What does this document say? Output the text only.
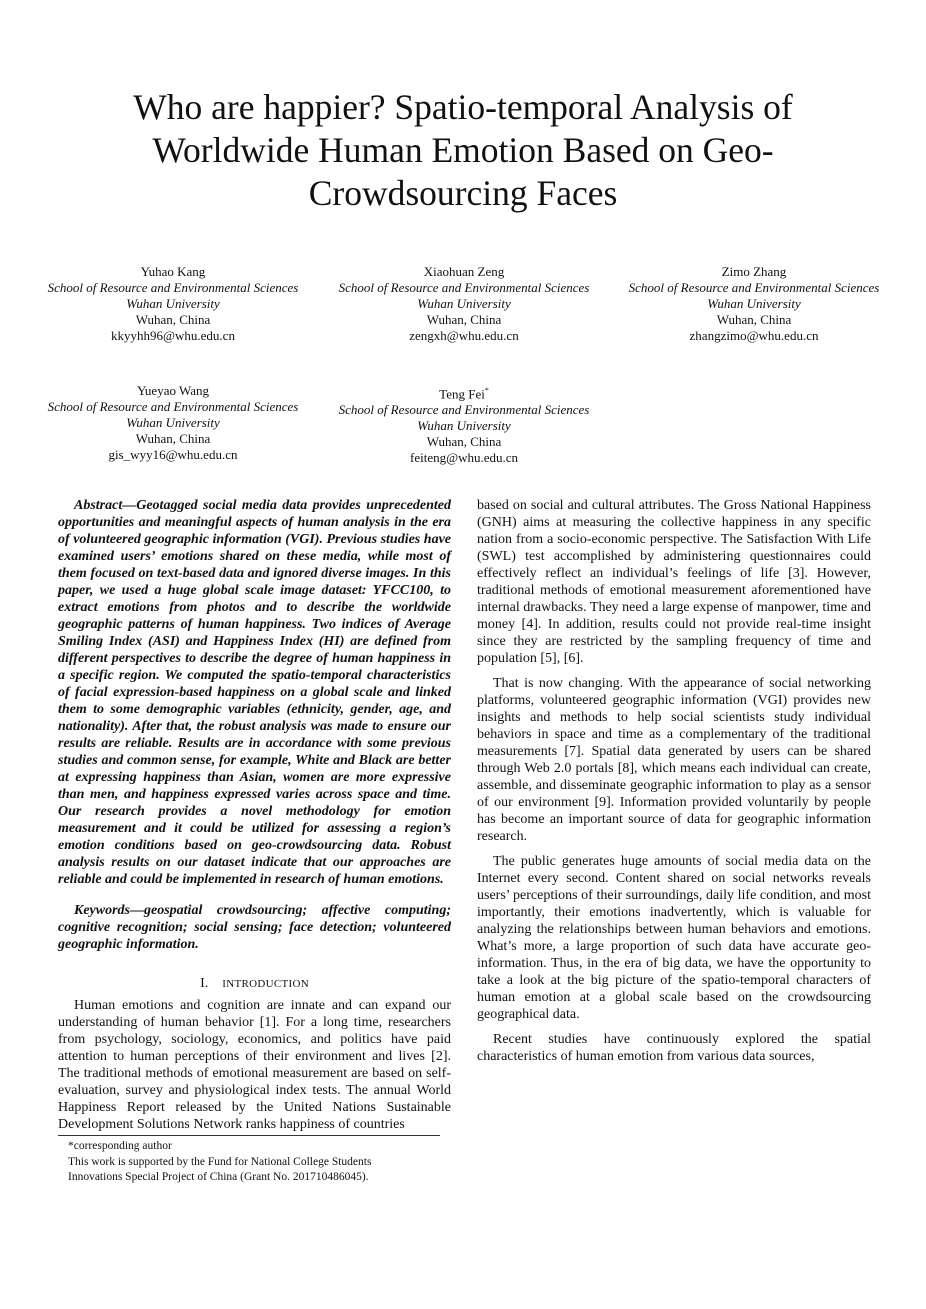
Who are happier? Spatio-temporal Analysis of Worldwide Human Emotion Based on Geo-Crowdsourcing Faces
Yuhao Kang
School of Resource and Environmental Sciences
Wuhan University
Wuhan, China
kkyyhh96@whu.edu.cn
Xiaohuan Zeng
School of Resource and Environmental Sciences
Wuhan University
Wuhan, China
zengxh@whu.edu.cn
Zimo Zhang
School of Resource and Environmental Sciences
Wuhan University
Wuhan, China
zhangzimo@whu.edu.cn
Yueyao Wang
School of Resource and Environmental Sciences
Wuhan University
Wuhan, China
gis_wyy16@whu.edu.cn
Teng Fei*
School of Resource and Environmental Sciences
Wuhan University
Wuhan, China
feiteng@whu.edu.cn

Abstract—Geotagged social media data provides unprecedented opportunities and meaningful aspects of human analysis in the era of volunteered geographic information (VGI). Previous studies have examined users’ emotions shared on these media, while most of them focused on text-based data and ignored diverse images. In this paper, we used a huge global scale image dataset: YFCC100, to extract emotions from photos and to describe the worldwide geographic patterns of human happiness. Two indices of Average Smiling Index (ASI) and Happiness Index (HI) are defined from different perspectives to describe the degree of human happiness in a specific region. We computed the spatio-temporal characteristics of facial expression-based happiness on a global scale and linked them to some demographic variables (ethnicity, gender, age, and nationality). After that, the robust analysis was made to ensure our results are reliable. Results are in accordance with some previous studies and common sense, for example, White and Black are better at expressing happiness than Asian, women are more expressive than men, and happiness expressed varies across space and time. Our research provides a novel methodology for emotion measurement and it could be utilized for assessing a region’s emotion conditions based on geo-crowdsourcing data. Robust analysis results on our dataset indicate that our approaches are reliable and could be implemented in research of human emotions.

Keywords—geospatial crowdsourcing; affective computing; cognitive recognition; social sensing; face detection; volunteered geographic information.

I. INTRODUCTION

Human emotions and cognition are innate and can expand our understanding of human behavior [1]. For a long time, researchers from psychology, sociology, economics, and politics have paid attention to human perceptions of their environment and lives [2]. The traditional methods of emotional measurement are based on self-evaluation, survey and physiological index tests. The annual World Happiness Report released by the United Nations Sustainable Development Solutions Network ranks happiness of countries

*corresponding author
This work is supported by the Fund for National College Students
Innovations Special Project of China (Grant No. 201710486045).

based on social and cultural attributes. The Gross National Happiness (GNH) aims at measuring the collective happiness in any specific nation from a socio-economic perspective. The Satisfaction With Life (SWL) test accomplished by administering questionnaires could effectively reflect an individual’s feelings of life [3]. However, traditional methods of emotional measurement aforementioned have internal drawbacks. They need a large expense of manpower, time and money [4]. In addition, results could not provide real-time insight since they are restricted by the sampling frequency of time and population [5], [6].

That is now changing. With the appearance of social networking platforms, volunteered geographic information (VGI) provides new insights and methods to help social scientists study individual behaviors in space and time as a complementary of the traditional measurements [7]. Spatial data generated by users can be shared through Web 2.0 portals [8], which means each individual can create, assemble, and disseminate geographic information to play as a sensor of our environment [9]. Information provided voluntarily by people has become an important source of data for geographic information research.

The public generates huge amounts of social media data on the Internet every second. Content shared on social networks reveals users’ perceptions of their surroundings, daily life condition, and most importantly, their emotions inadvertently, which is valuable for analyzing the relationships between human behaviors and emotions. What’s more, a large proportion of such data have accurate geo-information. Thus, in the era of big data, we have the opportunity to take a look at the big picture of the spatio-temporal characters of human emotion at a global scale based on the crowdsourcing geographical data.

Recent studies have continuously explored the spatial characteristics of human emotion from various data sources,
